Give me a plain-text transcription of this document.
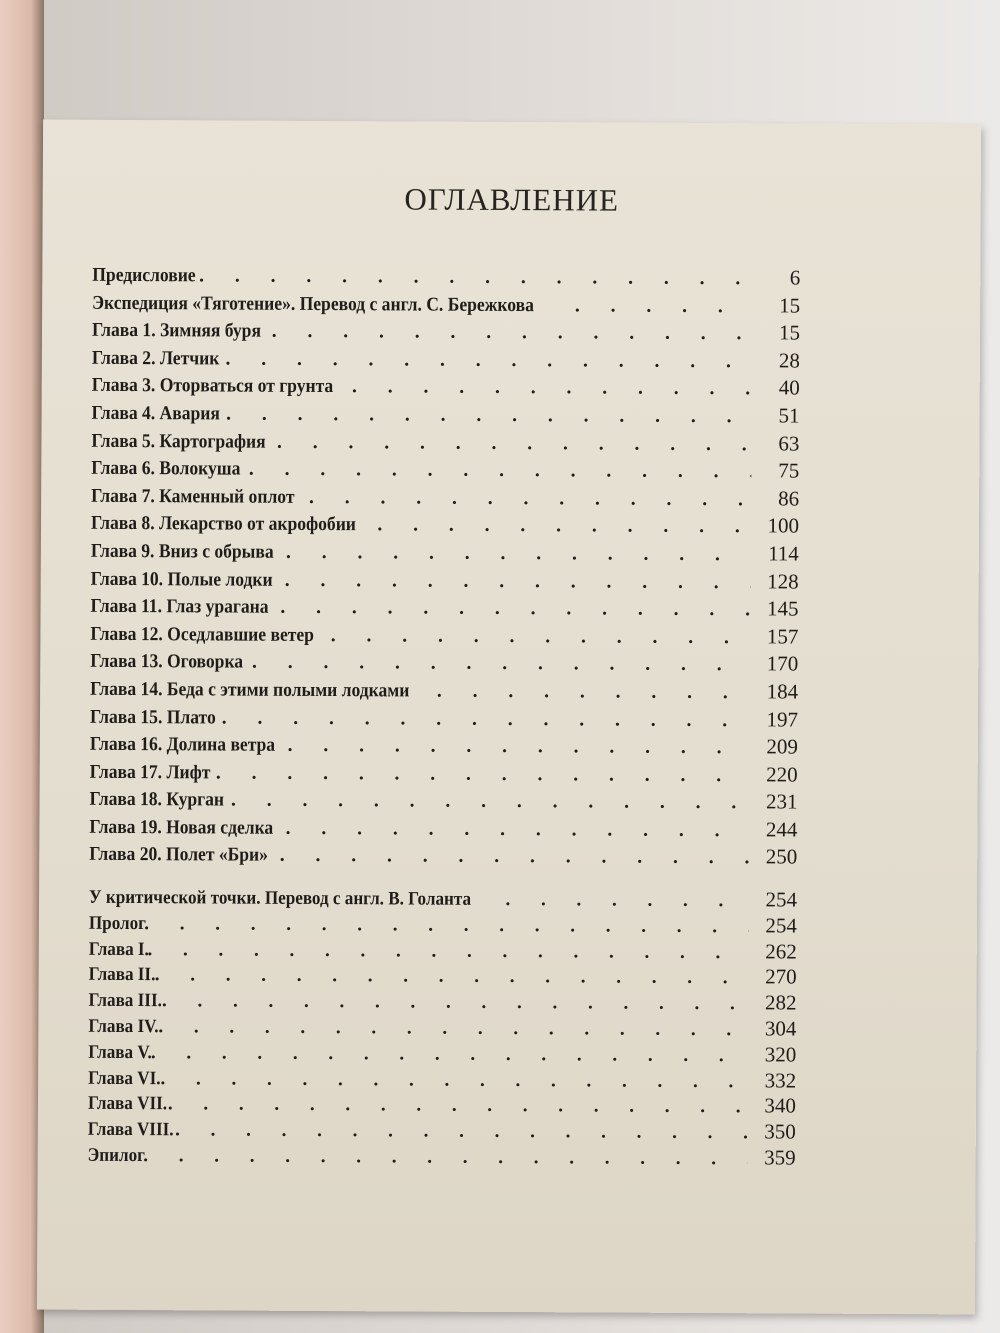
ОГЛАВЛЕНИЕ
Предисловие . . .	6
Экспедиция «Тяготение». Перевод с англ. С. Бережкова . . .	15
Глава 1. Зимняя буря . . .	15
Глава 2. Летчик . . .	28
Глава 3. Оторваться от грунта . . .	40
Глава 4. Авария . . .	51
Глава 5. Картография . . .	63
Глава 6. Волокуша . . .	75
Глава 7. Каменный оплот . . .	86
Глава 8. Лекарство от акрофобии . . .	100
Глава 9. Вниз с обрыва . . .	114
Глава 10. Полые лодки . . .	128
Глава 11. Глаз урагана . . .	145
Глава 12. Оседлавшие ветер . . .	157
Глава 13. Оговорка . . .	170
Глава 14. Беда с этими полыми лодками . . .	184
Глава 15. Плато . . .	197
Глава 16. Долина ветра . . .	209
Глава 17. Лифт . . .	220
Глава 18. Курган . . .	231
Глава 19. Новая сделка . . .	244
Глава 20. Полет «Бри» . . .	250
У критической точки. Перевод с англ. В. Голанта . . .	254
Пролог . . .	254
Глава I. . . .	262
Глава II. . . .	270
Глава III. . . .	282
Глава IV. . . .	304
Глава V. . . .	320
Глава VI. . . .	332
Глава VII. . . .	340
Глава VIII. . . .	350
Эпилог . . .	359
